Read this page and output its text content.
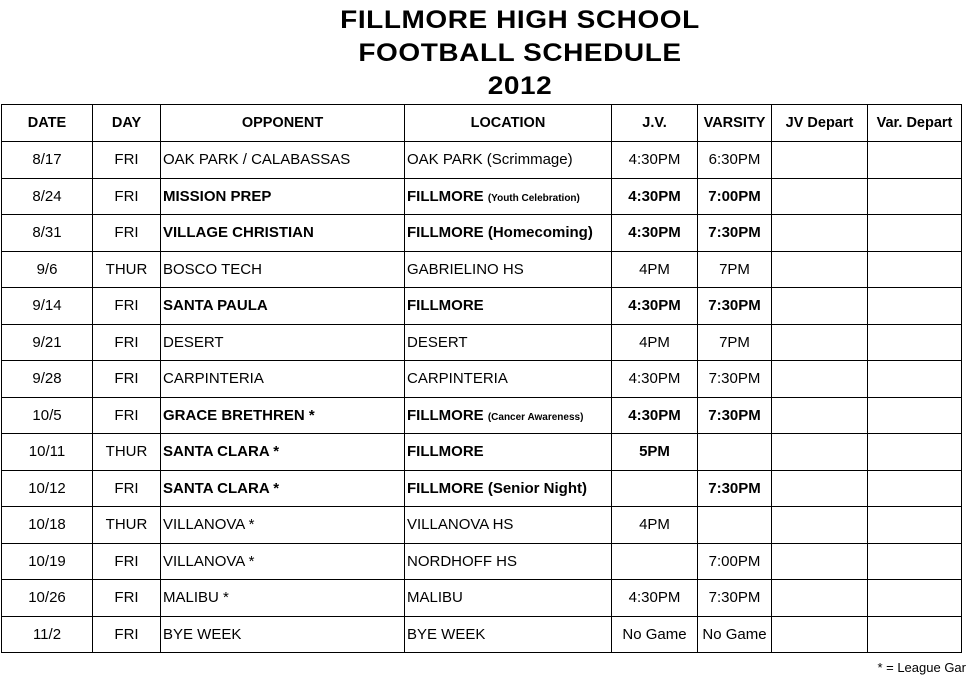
FILLMORE HIGH SCHOOL
FOOTBALL SCHEDULE
2012
DATE	DAY	OPPONENT	LOCATION	J.V.	VARSITY	JV Depart	Var. Depart
8/17	FRI	OAK PARK / CALABASSAS	OAK PARK (Scrimmage)	4:30PM	6:30PM		
8/24	FRI	MISSION PREP	FILLMORE (Youth Celebration)	4:30PM	7:00PM		
8/31	FRI	VILLAGE CHRISTIAN	FILLMORE (Homecoming)	4:30PM	7:30PM		
9/6	THUR	BOSCO TECH	GABRIELINO HS	4PM	7PM		
9/14	FRI	SANTA PAULA	FILLMORE	4:30PM	7:30PM		
9/21	FRI	DESERT	DESERT	4PM	7PM		
9/28	FRI	CARPINTERIA	CARPINTERIA	4:30PM	7:30PM		
10/5	FRI	GRACE BRETHREN *	FILLMORE (Cancer Awareness)	4:30PM	7:30PM		
10/11	THUR	SANTA CLARA *	FILLMORE	5PM			
10/12	FRI	SANTA CLARA *	FILLMORE (Senior Night)		7:30PM		
10/18	THUR	VILLANOVA *	VILLANOVA HS	4PM			
10/19	FRI	VILLANOVA *	NORDHOFF HS		7:00PM		
10/26	FRI	MALIBU *	MALIBU	4:30PM	7:30PM		
11/2	FRI	BYE WEEK	BYE WEEK	No Game	No Game		
* = League Gar
